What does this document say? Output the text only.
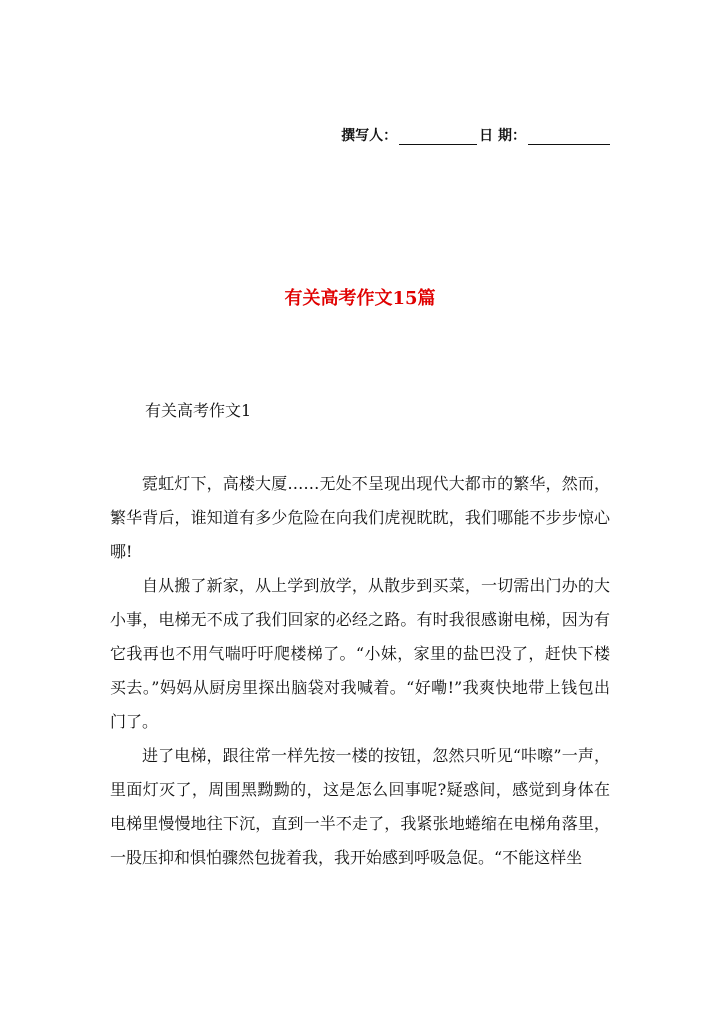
撰写人：	日 期：
有关高考作文15篇
有关高考作文1

霓虹灯下，高楼大厦……无处不呈现出现代大都市的繁华，然而，繁华背后，谁知道有多少危险在向我们虎视眈眈，我们哪能不步步惊心哪!

自从搬了新家，从上学到放学，从散步到买菜，一切需出门办的大小事，电梯无不成了我们回家的必经之路。有时我很感谢电梯，因为有它我再也不用气喘吁吁爬楼梯了。“小妹，家里的盐巴没了，赶快下楼买去。”妈妈从厨房里探出脑袋对我喊着。“好嘞!”我爽快地带上钱包出门了。

进了电梯，跟往常一样先按一楼的按钮，忽然只听见“咔嚓”一声，里面灯灭了，周围黑黝黝的，这是怎么回事呢?疑惑间，感觉到身体在电梯里慢慢地往下沉，直到一半不走了，我紧张地蜷缩在电梯角落里，一股压抑和惧怕骤然包拢着我，我开始感到呼吸急促。“不能这样坐
